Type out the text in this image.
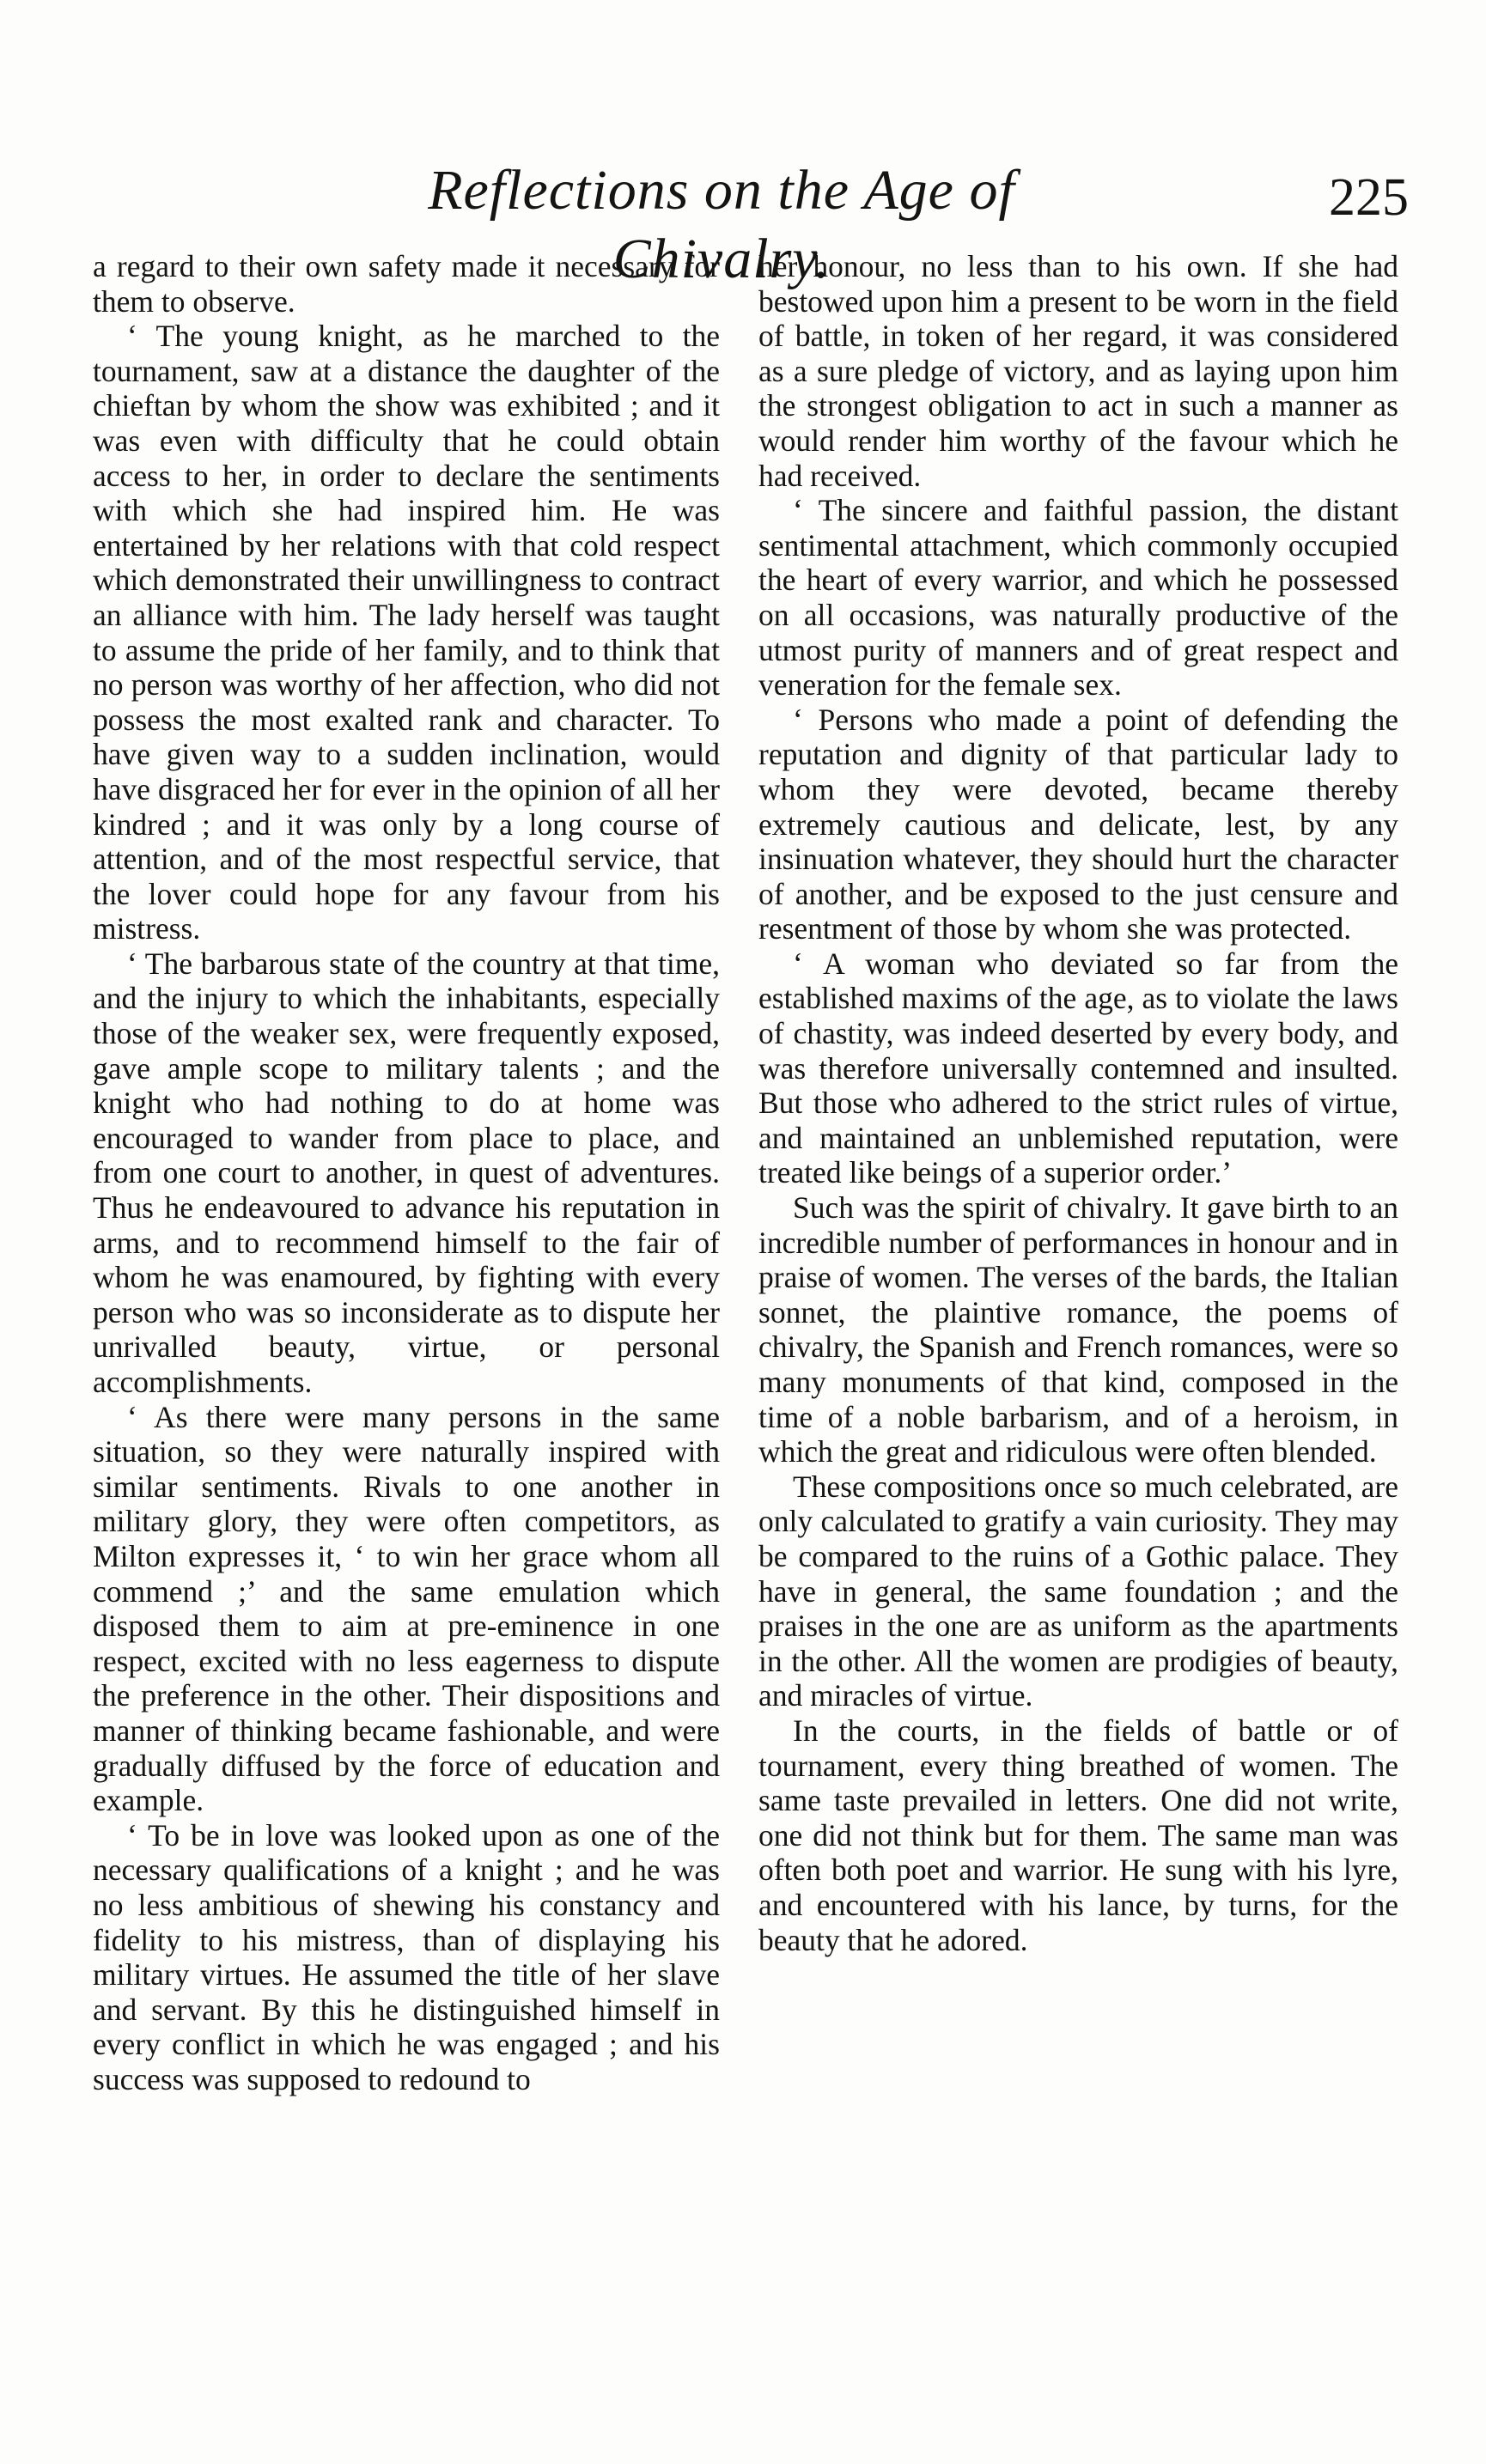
Reflections on the Age of Chivalry.
225

a regard to their own safety made it necessary for them to observe.

‘ The young knight, as he marched to the tournament, saw at a distance the daughter of the chieftan by whom the show was exhibited ; and it was even with difficulty that he could obtain access to her, in order to declare the sentiments with which she had inspired him. He was entertained by her relations with that cold respect which demonstrated their unwillingness to contract an alliance with him. The lady herself was taught to assume the pride of her family, and to think that no person was worthy of her affection, who did not possess the most exalted rank and character. To have given way to a sudden inclination, would have disgraced her for ever in the opinion of all her kindred ; and it was only by a long course of attention, and of the most respectful service, that the lover could hope for any favour from his mistress.

‘ The barbarous state of the country at that time, and the injury to which the inhabitants, especially those of the weaker sex, were frequently exposed, gave ample scope to military talents ; and the knight who had nothing to do at home was encouraged to wander from place to place, and from one court to another, in quest of adventures. Thus he endeavoured to advance his reputation in arms, and to recommend himself to the fair of whom he was enamoured, by fighting with every person who was so inconsiderate as to dispute her unrivalled beauty, virtue, or personal accomplishments.

‘ As there were many persons in the same situation, so they were naturally inspired with similar sentiments. Rivals to one another in military glory, they were often competitors, as Milton expresses it, ‘ to win her grace whom all commend ;’ and the same emulation which disposed them to aim at pre-eminence in one respect, excited with no less eagerness to dispute the preference in the other. Their dispositions and manner of thinking became fashionable, and were gradually diffused by the force of education and example.

‘ To be in love was looked upon as one of the necessary qualifications of a knight ; and he was no less ambitious of shewing his constancy and fidelity to his mistress, than of displaying his military virtues. He assumed the title of her slave and servant. By this he distinguished himself in every conflict in which he was engaged ; and his success was supposed to redound to

her honour, no less than to his own. If she had bestowed upon him a present to be worn in the field of battle, in token of her regard, it was considered as a sure pledge of victory, and as laying upon him the strongest obligation to act in such a manner as would render him worthy of the favour which he had received.

‘ The sincere and faithful passion, the distant sentimental attachment, which commonly occupied the heart of every warrior, and which he possessed on all occasions, was naturally productive of the utmost purity of manners and of great respect and veneration for the female sex.

‘ Persons who made a point of defending the reputation and dignity of that particular lady to whom they were devoted, became thereby extremely cautious and delicate, lest, by any insinuation whatever, they should hurt the character of another, and be exposed to the just censure and resentment of those by whom she was protected.

‘ A woman who deviated so far from the established maxims of the age, as to violate the laws of chastity, was indeed deserted by every body, and was therefore universally contemned and insulted. But those who adhered to the strict rules of virtue, and maintained an unblemished reputation, were treated like beings of a superior order.’

Such was the spirit of chivalry. It gave birth to an incredible number of performances in honour and in praise of women. The verses of the bards, the Italian sonnet, the plaintive romance, the poems of chivalry, the Spanish and French romances, were so many monuments of that kind, composed in the time of a noble barbarism, and of a heroism, in which the great and ridiculous were often blended.

These compositions once so much celebrated, are only calculated to gratify a vain curiosity. They may be compared to the ruins of a Gothic palace. They have in general, the same foundation ; and the praises in the one are as uniform as the apartments in the other. All the women are prodigies of beauty, and miracles of virtue.

In the courts, in the fields of battle or of tournament, every thing breathed of women. The same taste prevailed in letters. One did not write, one did not think but for them. The same man was often both poet and warrior. He sung with his lyre, and encountered with his lance, by turns, for the beauty that he adored.
